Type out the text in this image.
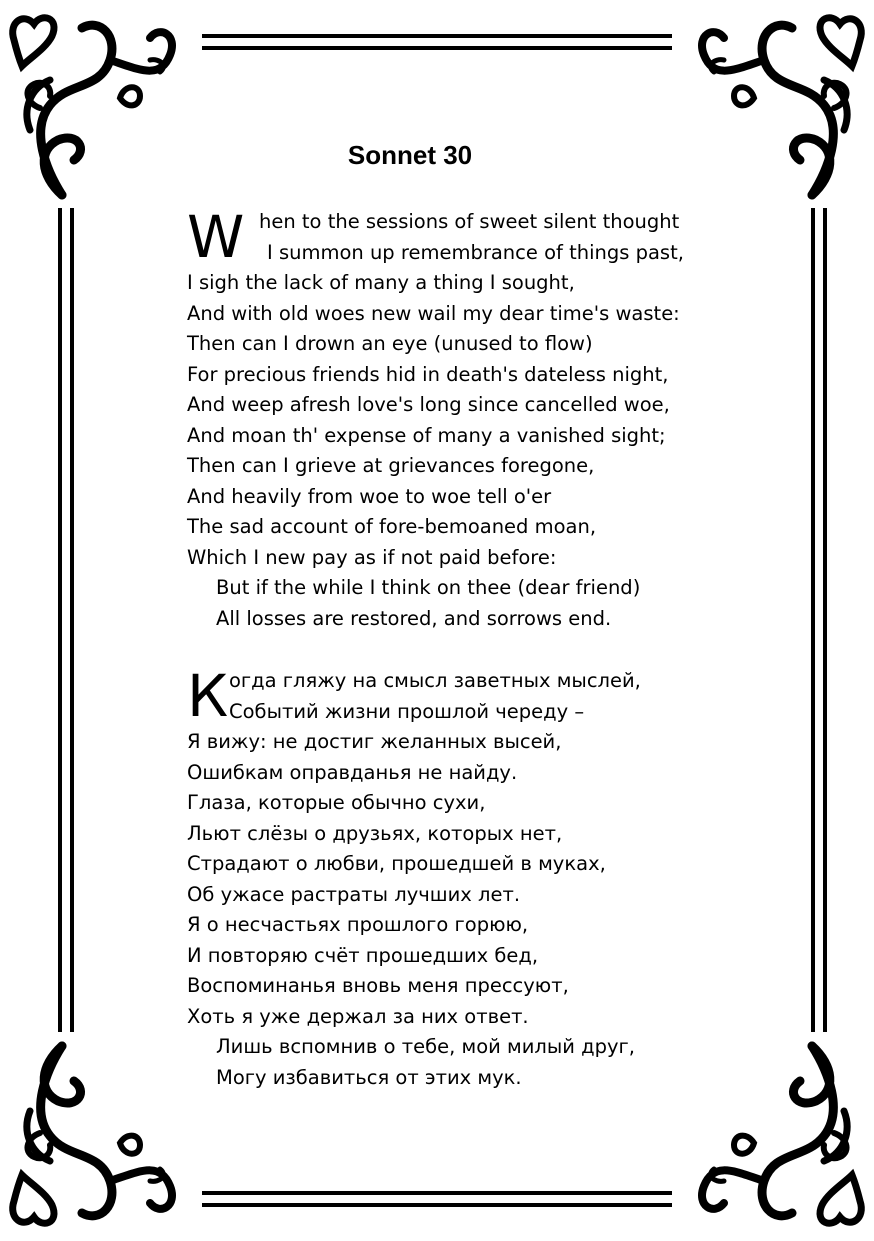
Sonnet 30
W hen to the sessions of sweet silent thought
I summon up remembrance of things past,
I sigh the lack of many a thing I sought,
And with old woes new wail my dear time's waste:
Then can I drown an eye (unused to flow)
For precious friends hid in death's dateless night,
And weep afresh love's long since cancelled woe,
And moan th' expense of many a vanished sight;
Then can I grieve at grievances foregone,
And heavily from woe to woe tell o'er
The sad account of fore-bemoaned moan,
Which I new pay as if not paid before:
But if the while I think on thee (dear friend)
All losses are restored, and sorrows end.
К огда гляжу на смысл заветных мыслей,
Событий жизни прошлой череду –
Я вижу: не достиг желанных высей,
Ошибкам оправданья не найду.
Глаза, которые обычно сухи,
Льют слёзы о друзьях, которых нет,
Страдают о любви, прошедшей в муках,
Об ужасе растраты лучших лет.
Я о несчастьях прошлого горюю,
И повторяю счёт прошедших бед,
Воспоминанья вновь меня прессуют,
Хоть я уже держал за них ответ.
Лишь вспомнив о тебе, мой милый друг,
Могу избавиться от этих мук.
